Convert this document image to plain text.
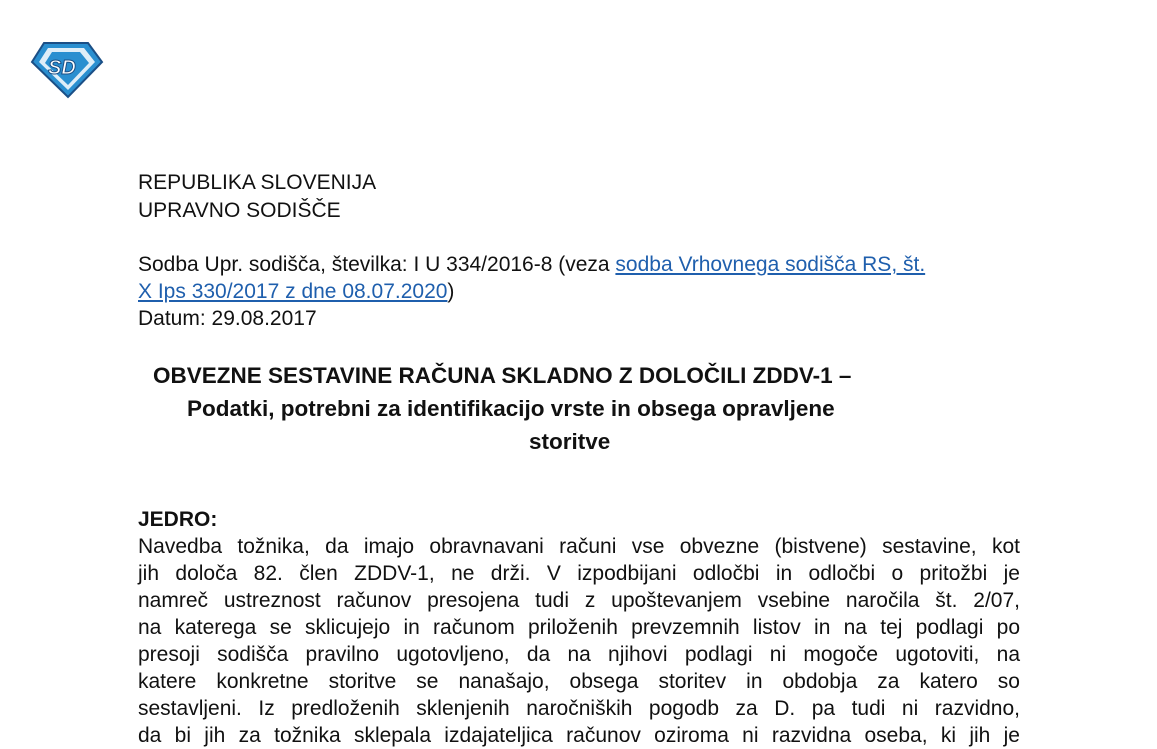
SD
REPUBLIKA SLOVENIJA
UPRAVNO SODIŠČE
Sodba Upr. sodišča, številka: I U 334/2016-8 (veza sodba Vrhovnega sodišča RS, št.
X Ips 330/2017 z dne 08.07.2020)
Datum: 29.08.2017
OBVEZNE SESTAVINE RAČUNA SKLADNO Z DOLOČILI ZDDV-1 –
Podatki, potrebni za identifikacijo vrste in obsega opravljene
storitve
JEDRO:
Navedba tožnika, da imajo obravnavani računi vse obvezne (bistvene) sestavine, kot
jih določa 82. člen ZDDV-1, ne drži. V izpodbijani odločbi in odločbi o pritožbi je
namreč ustreznost računov presojena tudi z upoštevanjem vsebine naročila št. 2/07,
na katerega se sklicujejo in računom priloženih prevzemnih listov in na tej podlagi po
presoji sodišča pravilno ugotovljeno, da na njihovi podlagi ni mogoče ugotoviti, na
katere konkretne storitve se nanašajo, obsega storitev in obdobja za katero so
sestavljeni. Iz predloženih sklenjenih naročniških pogodb za D. pa tudi ni razvidno,
da bi jih za tožnika sklepala izdajateljica računov oziroma ni razvidna oseba, ki jih je
